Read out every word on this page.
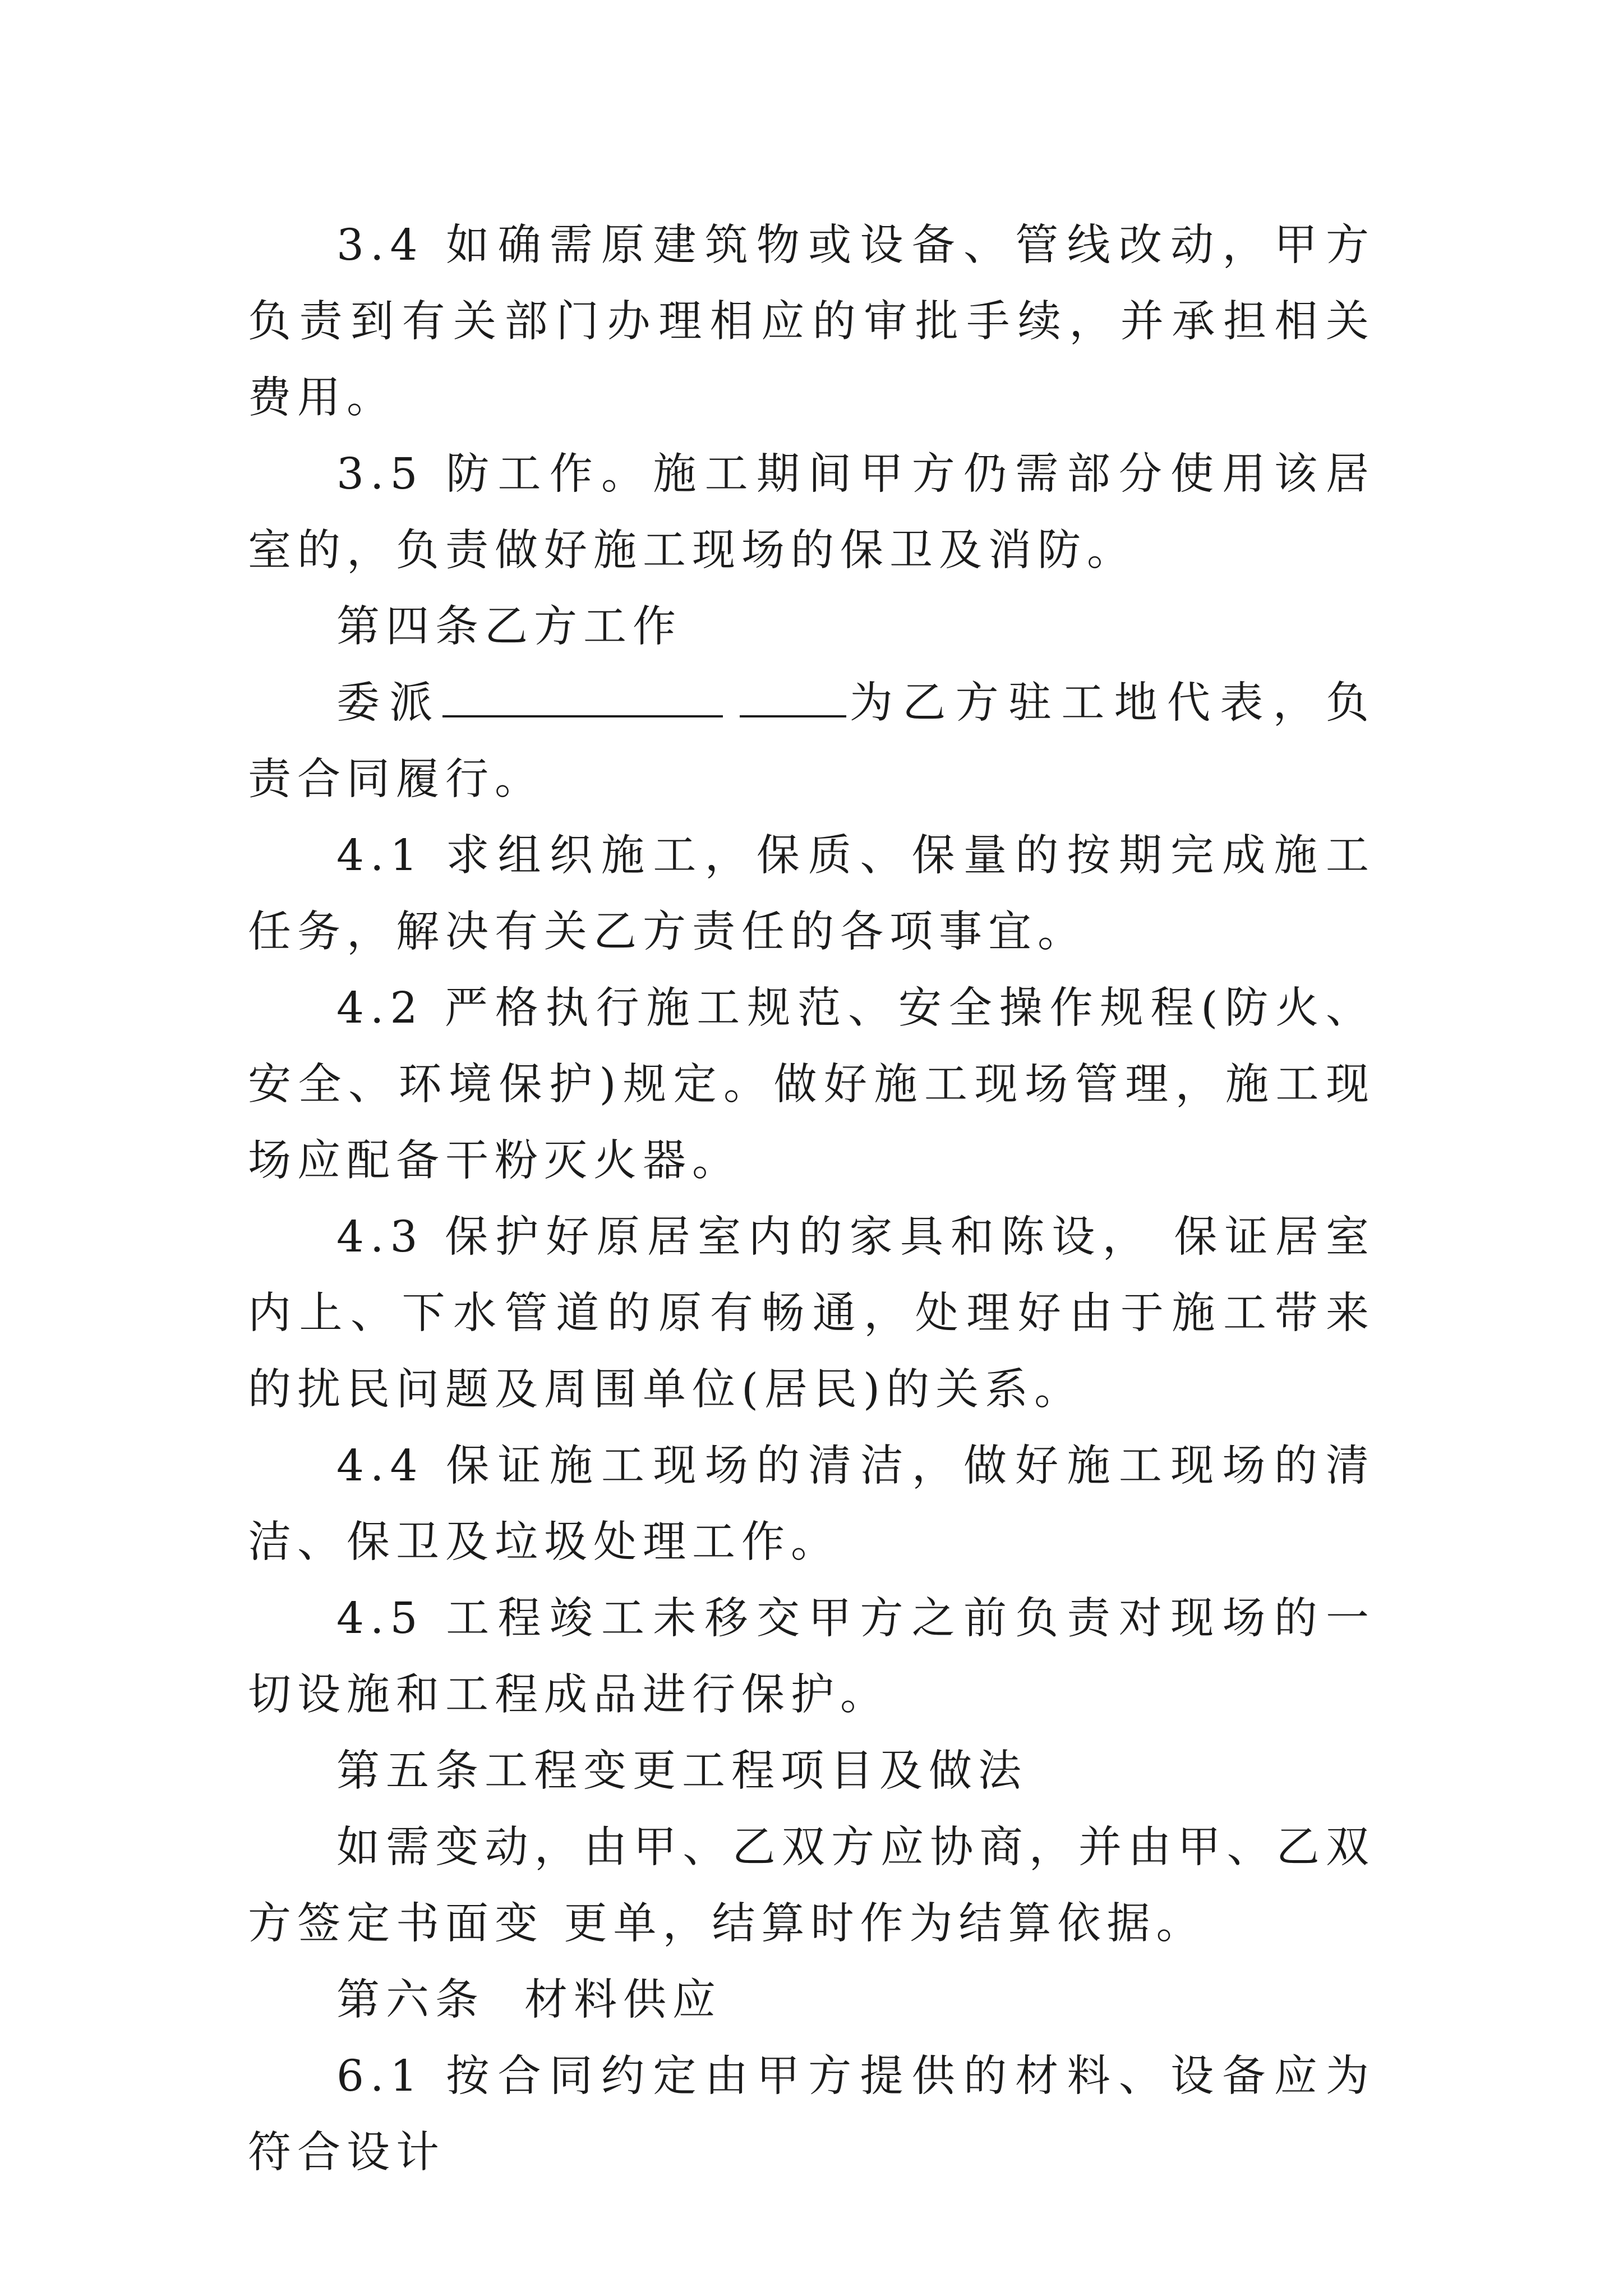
3.4 如确需原建筑物或设备、管线改动，甲方负责到有关部门办理相应的审批手续，并承担相关费用。

3.5 防工作。施工期间甲方仍需部分使用该居室的，负责做好施工现场的保卫及消防。

第四条乙方工作

委派	为乙方驻工地代表，负责合同履行。

4.1 求组织施工，保质、保量的按期完成施工任务，解决有关乙方责任的各项事宜。

4.2 严格执行施工规范、安全操作规程(防火、安全、环境保护)规定。做好施工现场管理，施工现场应配备干粉灭火器。

4.3 保护好原居室内的家具和陈设， 保证居室内上、下水管道的原有畅通，处理好由于施工带来的扰民问题及周围单位(居民)的关系。

4.4 保证施工现场的清洁，做好施工现场的清洁、保卫及垃圾处理工作。

4.5 工程竣工未移交甲方之前负责对现场的一切设施和工程成品进行保护。

第五条工程变更工程项目及做法

如需变动，由甲、乙双方应协商，并由甲、乙双方签定书面变 更单，结算时作为结算依据。

第六条  材料供应

6.1 按合同约定由甲方提供的材料、设备应为符合设计
